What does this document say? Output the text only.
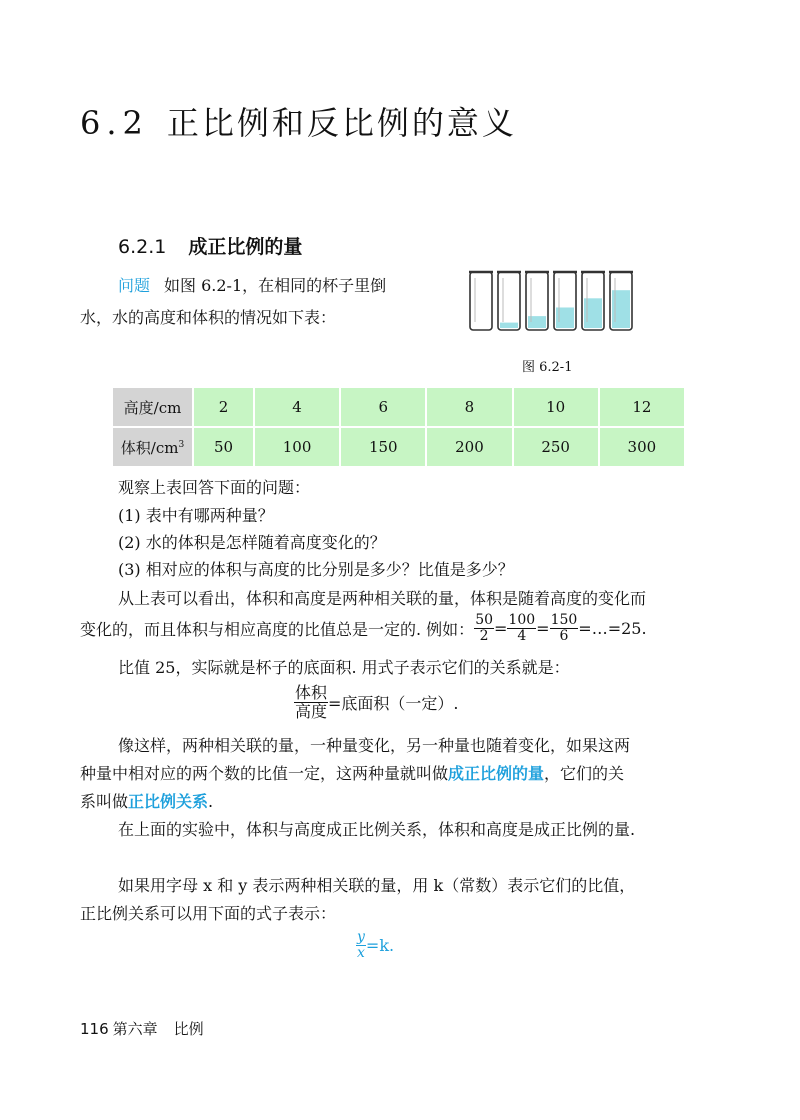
6.2 正比例和反比例的意义
6.2.1 成正比例的量
问题 如图 6.2-1，在相同的杯子里倒
水，水的高度和体积的情况如下表：
图 6.2-1
高度/cm	2	4	6	8	10	12
体积$/cm^3$	50	100	150	200	250	300
观察上表回答下面的问题：
(1) 表中有哪两种量？
(2) 水的体积是怎样随着高度变化的？
(3) 相对应的体积与高度的比分别是多少？比值是多少？
从上表可以看出，体积和高度是两种相关联的量，体积是随着高度的变化而
变化的，而且体积与相应高度的比值总是一定的. 例如： $\frac{50}{2} = \frac{100}{4} = \frac{150}{6}$ =…=25.
比值 25，实际就是杯子的底面积. 用式子表示它们的关系就是：
$\frac{\text{体积}}{\text{高度}}$ =底面积（一定）.
像这样，两种相关联的量，一种量变化，另一种量也随着变化，如果这两
种量中相对应的两个数的比值一定，这两种量就叫做成正比例的量，它们的关
系叫做正比例关系.
在上面的实验中，体积与高度成正比例关系，体积和高度是成正比例的量.
如果用字母 x 和 y 表示两种相关联的量，用 k（常数）表示它们的比值，
正比例关系可以用下面的式子表示：
$\frac{y}{x} =k$.
116 第六章 比例
